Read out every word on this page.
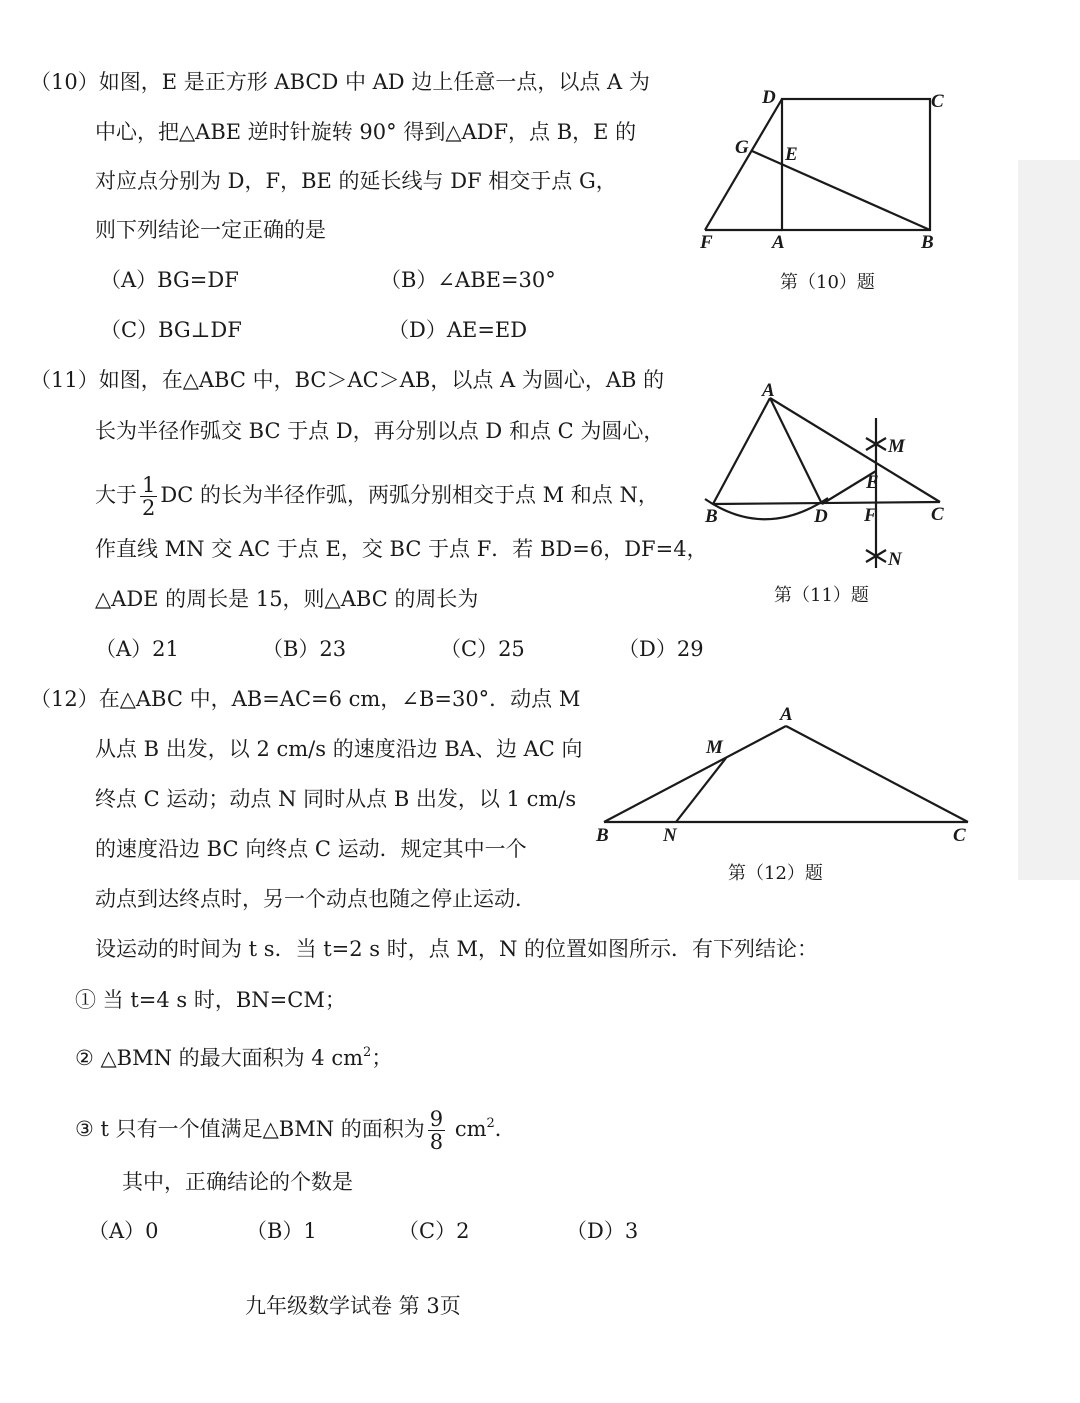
（10）如图，E 是正方形 ABCD 中 AD 边上任意一点，以点 A 为
中心，把△ABE 逆时针旋转 90° 得到△ADF，点 B，E 的
对应点分别为 D，F，BE 的延长线与 DF 相交于点 G，
则下列结论一定正确的是
（A）BG=DF	（B）∠ABE=30°
（C）BG⊥DF	（D）AE=ED
D	C
G E
F	A	B
第（10）题
（11）如图，在△ABC 中，BC＞AC＞AB，以点 A 为圆心，AB 的
长为半径作弧交 BC 于点 D，再分别以点 D 和点 C 为圆心，
大于 $\frac{1}{2}$ DC 的长为半径作弧，两弧分别相交于点 M 和点 N，
作直线 MN 交 AC 于点 E，交 BC 于点 F．若 BD=6，DF=4，
△ADE 的周长是 15，则△ABC 的周长为
（A）21	（B）23	（C）25	（D）29
A
M
E
B	D F	C
N
第（11）题
（12）在△ABC 中，AB=AC=6 cm，∠B=30°．动点 M
从点 B 出发，以 2 cm/s 的速度沿边 BA、边 AC 向
终点 C 运动；动点 N 同时从点 B 出发，以 1 cm/s
的速度沿边 BC 向终点 C 运动．规定其中一个
动点到达终点时，另一个动点也随之停止运动．
设运动的时间为 t s．当 t=2 s 时，点 M，N 的位置如图所示．有下列结论：
① 当 t=4 s 时，BN=CM；
② △BMN 的最大面积为 4 $cm^2$；
③ t 只有一个值满足△BMN 的面积为 $\frac{9}{8} cm^2$．
其中，正确结论的个数是
（A）0	（B）1	（C）2	（D）3
A
M
B	N	C
第（12）题
九年级数学试卷 第 3页
